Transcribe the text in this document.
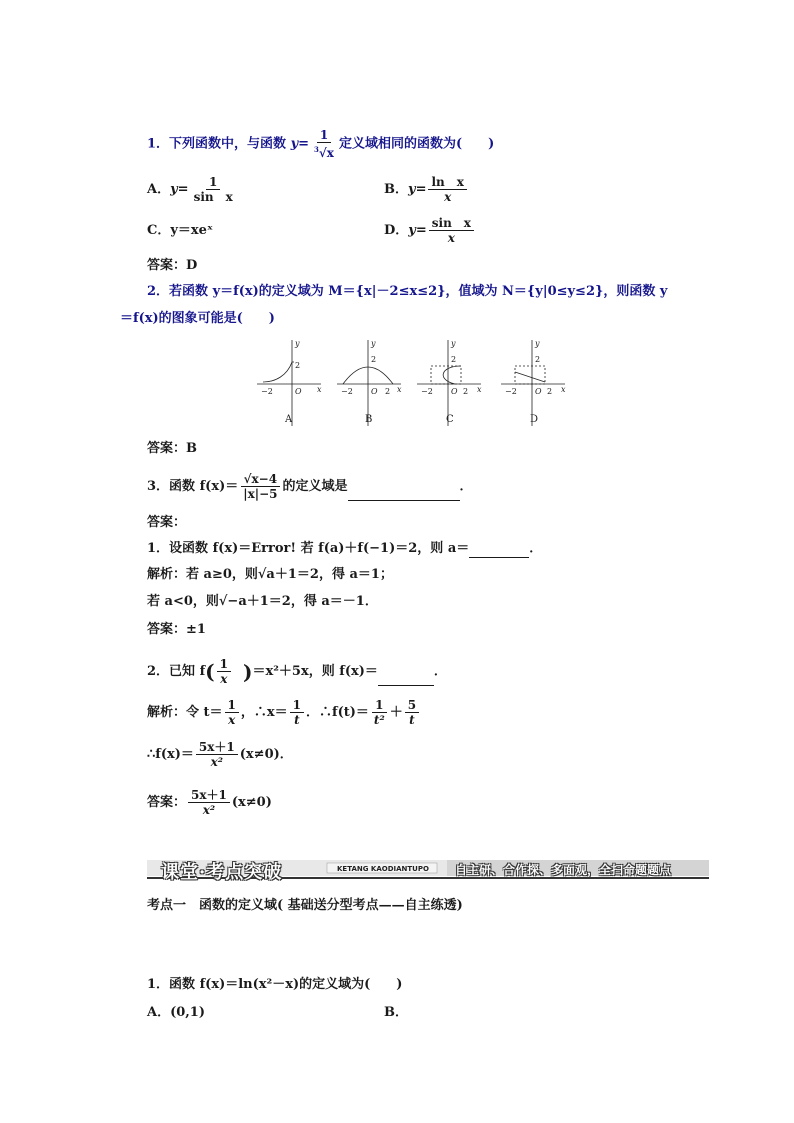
1．下列函数中，与函数 $y= \frac{1}{^3√x}$ 定义域相同的函数为(　　)
A．$y= \frac{1}{\text{sin　x}}$	B．$y= \frac{\text{ln　x}}{x}$
C．y＝xeˣ	D．$y= \frac{\text{sin　x}}{x}$
答案：D
2．若函数 y＝f(x)的定义域为 M＝{x|－2≤x≤2}，值域为 N＝{y|0≤y≤2}，则函数 y
＝f(x)的图象可能是(　　)
y
x
O
2
−2
y
x
O
2
−2	2
y
x
O
2
−2	2
y
x
O
2
−2	2
A	B	C	D
答案：B
3．函数 $f(x)= \frac{√x-4}{|x|-5}$ 的定义域是	．
答案：
1．设函数 f(x)＝Error! 若 f(a)＋f(−1)＝2，则 a＝	．
解析：若 a≥0，则√a＋1＝2，得 a＝1；
若 a<0，则√−a＋1＝2，得 a＝－1．
答案：±1
2．已知 $f( \frac{1}{x} )=x^2+5x$，则 f(x)＝	．
解析：令 $t= \frac{1}{x}$ ，∴x＝ $\frac{1}{t}$ ．∴f(t)＝ $\frac{1}{\text{t²}} + \frac{5}{t}$
∴f(x)＝ $\frac{5x+1}{\text{x²}} (x\ne 0)$．
答案： $\frac{5x+1}{\text{x²}} (x\ne 0)$
课堂·考点突破	KETANG KAODIANTUPO 自主研、合作探、多面观，全扫命题题点
考点一　函数的定义域( 基础送分型考点——自主练透)
1．函数 f(x)＝ln(x²－x)的定义域为(　　)
A．(0,1)	B．
